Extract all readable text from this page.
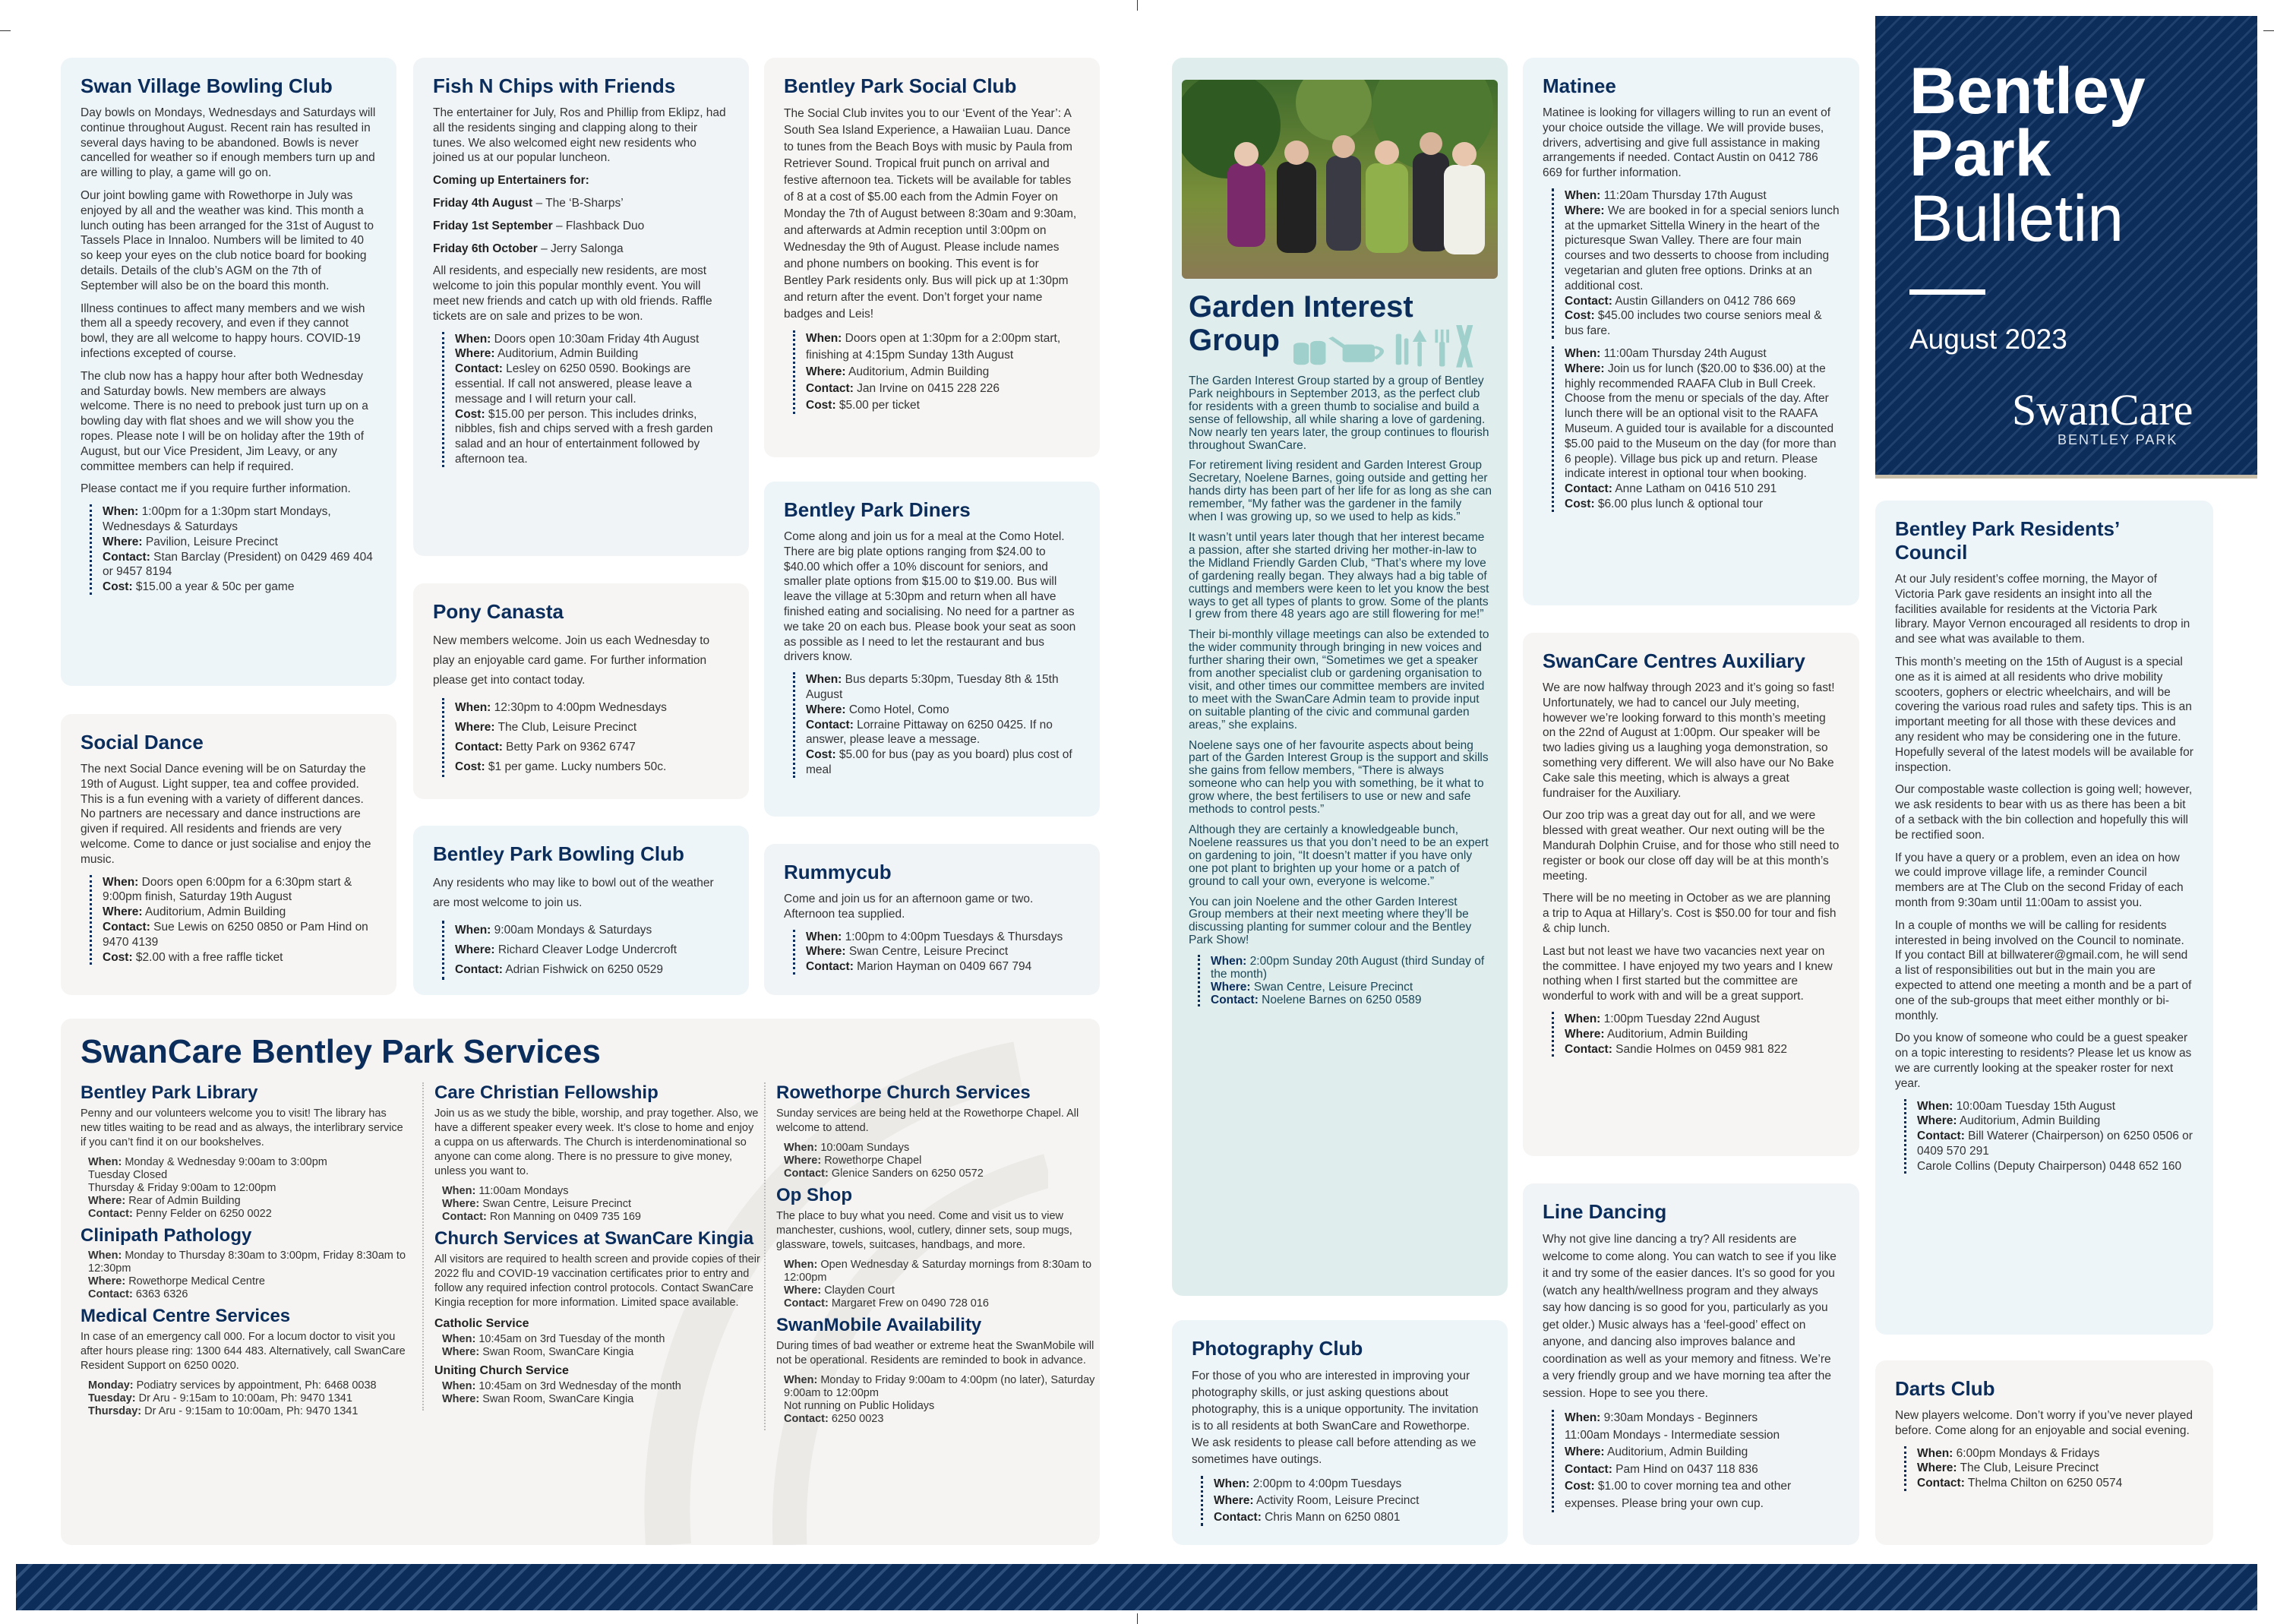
Swan Village Bowling Club

Day bowls on Mondays, Wednesdays and Saturdays will continue throughout August. Recent rain has resulted in several days having to be abandoned. Bowls is never cancelled for weather so if enough members turn up and are willing to play, a game will go on.

Our joint bowling game with Rowethorpe in July was enjoyed by all and the weather was kind. This month a lunch outing has been arranged for the 31st of August to Tassels Place in Innaloo. Numbers will be limited to 40 so keep your eyes on the club notice board for booking details. Details of the club’s AGM on the 7th of September will also be on the board this month.

Illness continues to affect many members and we wish them all a speedy recovery, and even if they cannot bowl, they are all welcome to happy hours. COVID-19 infections excepted of course.

The club now has a happy hour after both Wednesday and Saturday bowls. New members are always welcome. There is no need to prebook just turn up on a bowling day with flat shoes and we will show you the ropes. Please note I will be on holiday after the 19th of August, but our Vice President, Jim Leavy, or any committee members can help if required.

Please contact me if you require further information.

When: 1:00pm for a 1:30pm start Mondays, Wednesdays & Saturdays
Where: Pavilion, Leisure Precinct
Contact: Stan Barclay (President) on 0429 469 404 or 9457 8194
Cost: $15.00 a year & 50c per game
Social Dance

The next Social Dance evening will be on Saturday the 19th of August. Light supper, tea and coffee provided. This is a fun evening with a variety of different dances. No partners are necessary and dance instructions are given if required. All residents and friends are very welcome. Come to dance or just socialise and enjoy the music.

When: Doors open 6:00pm for a 6:30pm start & 9:00pm finish, Saturday 19th August
Where: Auditorium, Admin Building
Contact: Sue Lewis on 6250 0850 or Pam Hind on 9470 4139
Cost: $2.00 with a free raffle ticket
Fish N Chips with Friends

The entertainer for July, Ros and Phillip from Eklipz, had all the residents singing and clapping along to their tunes. We also welcomed eight new residents who joined us at our popular luncheon.

Coming up Entertainers for:

Friday 4th August – The ‘B-Sharps’

Friday 1st September – Flashback Duo

Friday 6th October – Jerry Salonga

All residents, and especially new residents, are most welcome to join this popular monthly event. You will meet new friends and catch up with old friends. Raffle tickets are on sale and prizes to be won.

When: Doors open 10:30am Friday 4th August
Where: Auditorium, Admin Building
Contact: Lesley on 6250 0590. Bookings are essential. If call not answered, please leave a message and I will return your call.
Cost: $15.00 per person. This includes drinks, nibbles, fish and chips served with a fresh garden salad and an hour of entertainment followed by afternoon tea.
Pony Canasta

New members welcome. Join us each Wednesday to play an enjoyable card game. For further information please get into contact today.

When: 12:30pm to 4:00pm Wednesdays
Where: The Club, Leisure Precinct
Contact: Betty Park on 9362 6747
Cost: $1 per game. Lucky numbers 50c.
Bentley Park Bowling Club

Any residents who may like to bowl out of the weather are most welcome to join us.

When: 9:00am Mondays & Saturdays
Where: Richard Cleaver Lodge Undercroft
Contact: Adrian Fishwick on 6250 0529
Bentley Park Social Club

The Social Club invites you to our ‘Event of the Year’: A South Sea Island Experience, a Hawaiian Luau. Dance to tunes from the Beach Boys with music by Paula from Retriever Sound. Tropical fruit punch on arrival and festive afternoon tea. Tickets will be available for tables of 8 at a cost of $5.00 each from the Admin Foyer on Monday the 7th of August between 8:30am and 9:30am, and afterwards at Admin reception until 3:00pm on Wednesday the 9th of August. Please include names and phone numbers on booking. This event is for Bentley Park residents only. Bus will pick up at 1:30pm and return after the event. Don’t forget your name badges and Leis!

When: Doors open at 1:30pm for a 2:00pm start, finishing at 4:15pm Sunday 13th August
Where: Auditorium, Admin Building
Contact: Jan Irvine on 0415 228 226
Cost: $5.00 per ticket
Bentley Park Diners

Come along and join us for a meal at the Como Hotel. There are big plate options ranging from $24.00 to $40.00 which offer a 10% discount for seniors, and smaller plate options from $15.00 to $19.00. Bus will leave the village at 5:30pm and return when all have finished eating and socialising. No need for a partner as we take 20 on each bus. Please book your seat as soon as possible as I need to let the restaurant and bus drivers know.

When: Bus departs 5:30pm, Tuesday 8th & 15th August
Where: Como Hotel, Como
Contact: Lorraine Pittaway on 6250 0425. If no answer, please leave a message.
Cost: $5.00 for bus (pay as you board) plus cost of meal
Rummycub

Come and join us for an afternoon game or two. Afternoon tea supplied.

When: 1:00pm to 4:00pm Tuesdays & Thursdays
Where: Swan Centre, Leisure Precinct
Contact: Marion Hayman on 0409 667 794
Photography Club

For those of you who are interested in improving your photography skills, or just asking questions about photography, this is a unique opportunity. The invitation is to all residents at both SwanCare and Rowethorpe. We ask residents to please call before attending as we sometimes have outings.

When: 2:00pm to 4:00pm Tuesdays
Where: Activity Room, Leisure Precinct
Contact: Chris Mann on 6250 0801
Matinee

Matinee is looking for villagers willing to run an event of your choice outside the village. We will provide buses, drivers, advertising and give full assistance in making arrangements if needed. Contact Austin on 0412 786 669 for further information.

When: 11:20am Thursday 17th August
Where: We are booked in for a special seniors lunch at the upmarket Sittella Winery in the heart of the picturesque Swan Valley. There are four main courses and two desserts to choose from including vegetarian and gluten free options. Drinks at an additional cost.
Contact: Austin Gillanders on 0412 786 669
Cost: $45.00 includes two course seniors meal & bus fare.
When: 11:00am Thursday 24th August
Where: Join us for lunch ($20.00 to $36.00) at the highly recommended RAAFA Club in Bull Creek. Choose from the menu or specials of the day. After lunch there will be an optional visit to the RAAFA Museum. A guided tour is available for a discounted $5.00 paid to the Museum on the day (for more than 6 people). Village bus pick up and return. Please indicate interest in optional tour when booking.
Contact: Anne Latham on 0416 510 291
Cost: $6.00 plus lunch & optional tour
SwanCare Centres Auxiliary

We are now halfway through 2023 and it’s going so fast! Unfortunately, we had to cancel our July meeting, however we’re looking forward to this month’s meeting on the 22nd of August at 1:00pm. Our speaker will be two ladies giving us a laughing yoga demonstration, so something very different. We will also have our No Bake Cake sale this meeting, which is always a great fundraiser for the Auxiliary.

Our zoo trip was a great day out for all, and we were blessed with great weather. Our next outing will be the Mandurah Dolphin Cruise, and for those who still need to register or book our close off day will be at this month’s meeting.

There will be no meeting in October as we are planning a trip to Aqua at Hillary’s. Cost is $50.00 for tour and fish & chip lunch.

Last but not least we have two vacancies next year on the committee. I have enjoyed my two years and I knew nothing when I first started but the committee are wonderful to work with and will be a great support.

When: 1:00pm Tuesday 22nd August
Where: Auditorium, Admin Building
Contact: Sandie Holmes on 0459 981 822
Line Dancing

Why not give line dancing a try? All residents are welcome to come along. You can watch to see if you like it and try some of the easier dances. It’s so good for you (watch any health/wellness program and they always say how dancing is so good for you, particularly as you get older.) Music always has a ‘feel-good’ effect on anyone, and dancing also improves balance and coordination as well as your memory and fitness. We’re a very friendly group and we have morning tea after the session. Hope to see you there.

When: 9:30am Mondays - Beginners
11:00am Mondays - Intermediate session
Where: Auditorium, Admin Building
Contact: Pam Hind on 0437 118 836
Cost: $1.00 to cover morning tea and other expenses. Please bring your own cup.
Bentley Park Residents’ Council

At our July resident’s coffee morning, the Mayor of Victoria Park gave residents an insight into all the facilities available for residents at the Victoria Park library. Mayor Vernon encouraged all residents to drop in and see what was available to them.

This month’s meeting on the 15th of August is a special one as it is aimed at all residents who drive mobility scooters, gophers or electric wheelchairs, and will be covering the various road rules and safety tips. This is an important meeting for all those with these devices and any resident who may be considering one in the future. Hopefully several of the latest models will be available for inspection.

Our compostable waste collection is going well; however, we ask residents to bear with us as there has been a bit of a setback with the bin collection and hopefully this will be rectified soon.

If you have a query or a problem, even an idea on how we could improve village life, a reminder Council members are at The Club on the second Friday of each month from 9:30am until 11:00am to assist you.

In a couple of months we will be calling for residents interested in being involved on the Council to nominate. If you contact Bill at billwaterer@gmail.com, he will send a list of responsibilities out but in the main you are expected to attend one meeting a month and be a part of one of the sub-groups that meet either monthly or bi-monthly.

Do you know of someone who could be a guest speaker on a topic interesting to residents? Please let us know as we are currently looking at the speaker roster for next year.

When: 10:00am Tuesday 15th August
Where: Auditorium, Admin Building
Contact: Bill Waterer (Chairperson) on 6250 0506 or 0409 570 291
Carole Collins (Deputy Chairperson) 0448 652 160
Darts Club

New players welcome. Don’t worry if you’ve never played before. Come along for an enjoyable and social evening.

When: 6:00pm Mondays & Fridays
Where: The Club, Leisure Precinct
Contact: Thelma Chilton on 6250 0574
Garden Interest Group

The Garden Interest Group started by a group of Bentley Park neighbours in September 2013, as the perfect club for residents with a green thumb to socialise and build a sense of fellowship, all while sharing a love of gardening. Now nearly ten years later, the group continues to flourish throughout SwanCare.

For retirement living resident and Garden Interest Group Secretary, Noelene Barnes, going outside and getting her hands dirty has been part of her life for as long as she can remember, “My father was the gardener in the family when I was growing up, so we used to help as kids.”

It wasn’t until years later though that her interest became a passion, after she started driving her mother-in-law to the Midland Friendly Garden Club, “That’s where my love of gardening really began. They always had a big table of cuttings and members were keen to let you know the best ways to get all types of plants to grow. Some of the plants I grew from there 48 years ago are still flowering for me!”

Their bi-monthly village meetings can also be extended to the wider community through bringing in new voices and further sharing their own, “Sometimes we get a speaker from another specialist club or gardening organisation to visit, and other times our committee members are invited to meet with the SwanCare Admin team to provide input on suitable planting of the civic and communal garden areas,” she explains.

Noelene says one of her favourite aspects about being part of the Garden Interest Group is the support and skills she gains from fellow members, “There is always someone who can help you with something, be it what to grow where, the best fertilisers to use or new and safe methods to control pests.”

Although they are certainly a knowledgeable bunch, Noelene reassures us that you don’t need to be an expert on gardening to join, “It doesn’t matter if you have only one pot plant to brighten up your home or a patch of ground to call your own, everyone is welcome.”

You can join Noelene and the other Garden Interest Group members at their next meeting where they’ll be discussing planting for summer colour and the Bentley Park Show!

When: 2:00pm Sunday 20th August (third Sunday of the month)
Where: Swan Centre, Leisure Precinct
Contact: Noelene Barnes on 6250 0589
SwanCare Bentley Park Services
Bentley Park Library

Penny and our volunteers welcome you to visit! The library has new titles waiting to be read and as always, the interlibrary service if you can’t find it on our bookshelves.

When: Monday & Wednesday 9:00am to 3:00pm
Tuesday Closed
Thursday & Friday 9:00am to 12:00pm
Where: Rear of Admin Building
Contact: Penny Felder on 6250 0022
Clinipath Pathology
When: Monday to Thursday 8:30am to 3:00pm, Friday 8:30am to 12:30pm
Where: Rowethorpe Medical Centre
Contact: 6363 6326
Medical Centre Services

In case of an emergency call 000. For a locum doctor to visit you after hours please ring: 1300 644 483. Alternatively, call SwanCare Resident Support on 6250 0020.

Monday: Podiatry services by appointment, Ph: 6468 0038
Tuesday: Dr Aru - 9:15am to 10:00am, Ph: 9470 1341
Thursday: Dr Aru - 9:15am to 10:00am, Ph: 9470 1341
Care Christian Fellowship

Join us as we study the bible, worship, and pray together. Also, we have a different speaker every week. It’s close to home and enjoy a cuppa on us afterwards. The Church is interdenominational so anyone can come along. There is no pressure to give money, unless you want to.

When: 11:00am Mondays
Where: Swan Centre, Leisure Precinct
Contact: Ron Manning on 0409 735 169
Church Services at SwanCare Kingia

All visitors are required to health screen and provide copies of their 2022 flu and COVID-19 vaccination certificates prior to entry and follow any required infection control protocols. Contact SwanCare Kingia reception for more information. Limited space available.

Catholic Service
When: 10:45am on 3rd Tuesday of the month
Where: Swan Room, SwanCare Kingia
Uniting Church Service
When: 10:45am on 3rd Wednesday of the month
Where: Swan Room, SwanCare Kingia
Rowethorpe Church Services

Sunday services are being held at the Rowethorpe Chapel. All welcome to attend.

When: 10:00am Sundays
Where: Rowethorpe Chapel
Contact: Glenice Sanders on 6250 0572
Op Shop

The place to buy what you need. Come and visit us to view manchester, cushions, wool, cutlery, dinner sets, soup mugs, glassware, towels, suitcases, handbags, and more.

When: Open Wednesday & Saturday mornings from 8:30am to 12:00pm
Where: Clayden Court
Contact: Margaret Frew on 0490 728 016
SwanMobile Availability

During times of bad weather or extreme heat the SwanMobile will not be operational. Residents are reminded to book in advance.

When: Monday to Friday 9:00am to 4:00pm (no later), Saturday 9:00am to 12:00pm
Not running on Public Holidays
Contact: 6250 0023
Bentley Park
Bulletin
August 2023
SwanCare
BENTLEY PARK
